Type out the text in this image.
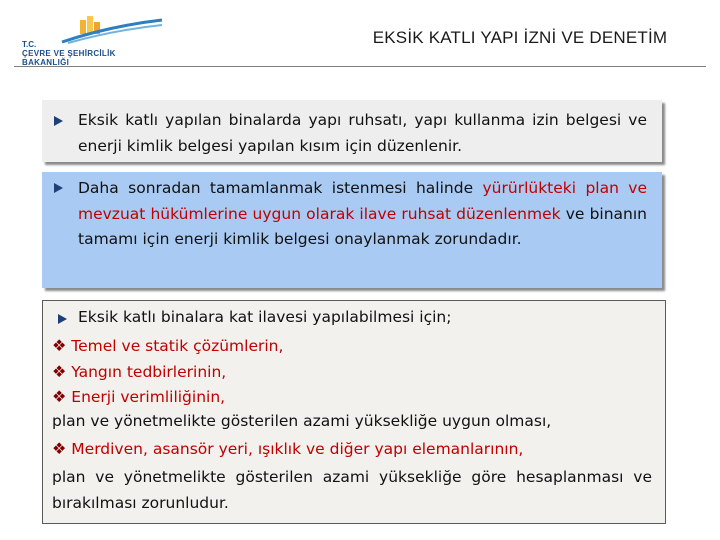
T.C.
ÇEVRE VE ŞEHİRCİLİK
BAKANLIĞI
EKSİK KATLI YAPI İZNİ VE DENETİM
Eksik katlı yapılan binalarda yapı ruhsatı, yapı kullanma izin belgesi ve enerji kimlik belgesi yapılan kısım için düzenlenir.
Daha sonradan tamamlanmak istenmesi halinde yürürlükteki plan ve mevzuat hükümlerine uygun olarak ilave ruhsat düzenlenmek ve binanın tamamı için enerji kimlik belgesi onaylanmak zorundadır.
Eksik katlı binalara kat ilavesi yapılabilmesi için;
❖ Temel ve statik çözümlerin,
❖ Yangın tedbirlerinin,
❖ Enerji verimliliğinin,
plan ve yönetmelikte gösterilen azami yüksekliğe uygun olması,
❖ Merdiven, asansör yeri, ışıklık ve diğer yapı elemanlarının,
plan ve yönetmelikte gösterilen azami yüksekliğe göre hesaplanması ve bırakılması zorunludur.
